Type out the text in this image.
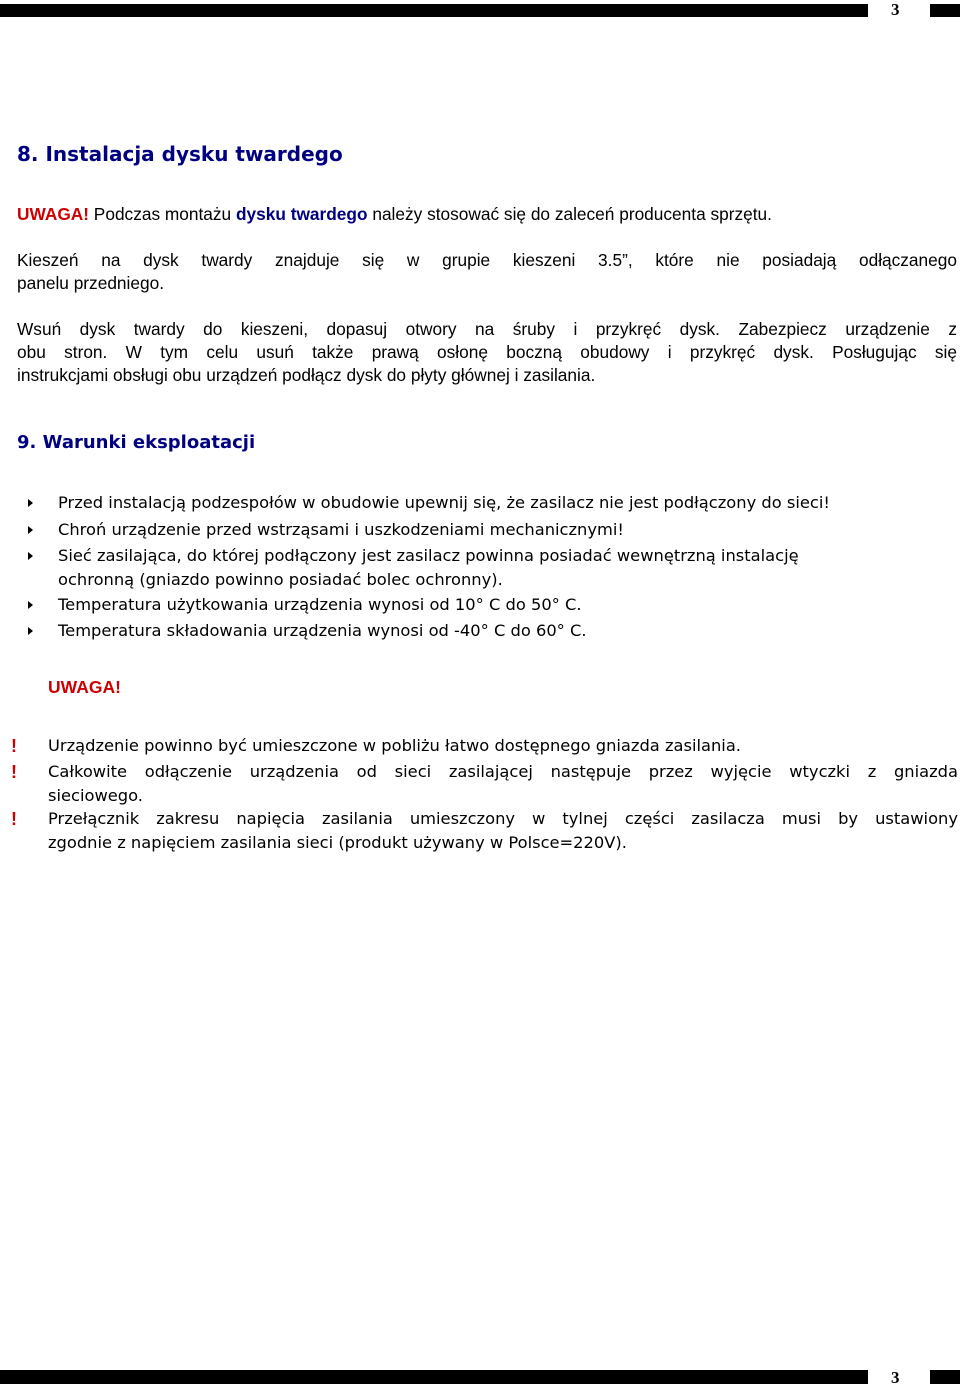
3
8. Instalacja dysku twardego
UWAGA! Podczas montażu dysku twardego należy stosować się do zaleceń producenta sprzętu.
Kieszeń na dysk twardy znajduje się w grupie kieszeni 3.5”, które nie posiadają odłączanego
panelu przedniego.
Wsuń dysk twardy do kieszeni, dopasuj otwory na śruby i przykręć dysk. Zabezpiecz urządzenie z
obu stron. W tym celu usuń także prawą osłonę boczną obudowy i przykręć dysk. Posługując się
instrukcjami obsługi obu urządzeń podłącz dysk do płyty głównej i zasilania.
9. Warunki eksploatacji
Przed instalacją podzespołów w obudowie upewnij się, że zasilacz nie jest podłączony do sieci!
Chroń urządzenie przed wstrząsami i uszkodzeniami mechanicznymi!
Sieć zasilająca, do której podłączony jest zasilacz powinna posiadać wewnętrzną instalację
ochronną (gniazdo powinno posiadać bolec ochronny).
Temperatura użytkowania urządzenia wynosi od 10° C do 50° C.
Temperatura składowania urządzenia wynosi od -40° C do 60° C.
UWAGA!
! Urządzenie powinno być umieszczone w pobliżu łatwo dostępnego gniazda zasilania.
! Całkowite odłączenie urządzenia od sieci zasilającej następuje przez wyjęcie wtyczki z gniazda
sieciowego.
! Przełącznik zakresu napięcia zasilania umieszczony w tylnej części zasilacza musi by ustawiony
zgodnie z napięciem zasilania sieci (produkt używany w Polsce=220V).
3
